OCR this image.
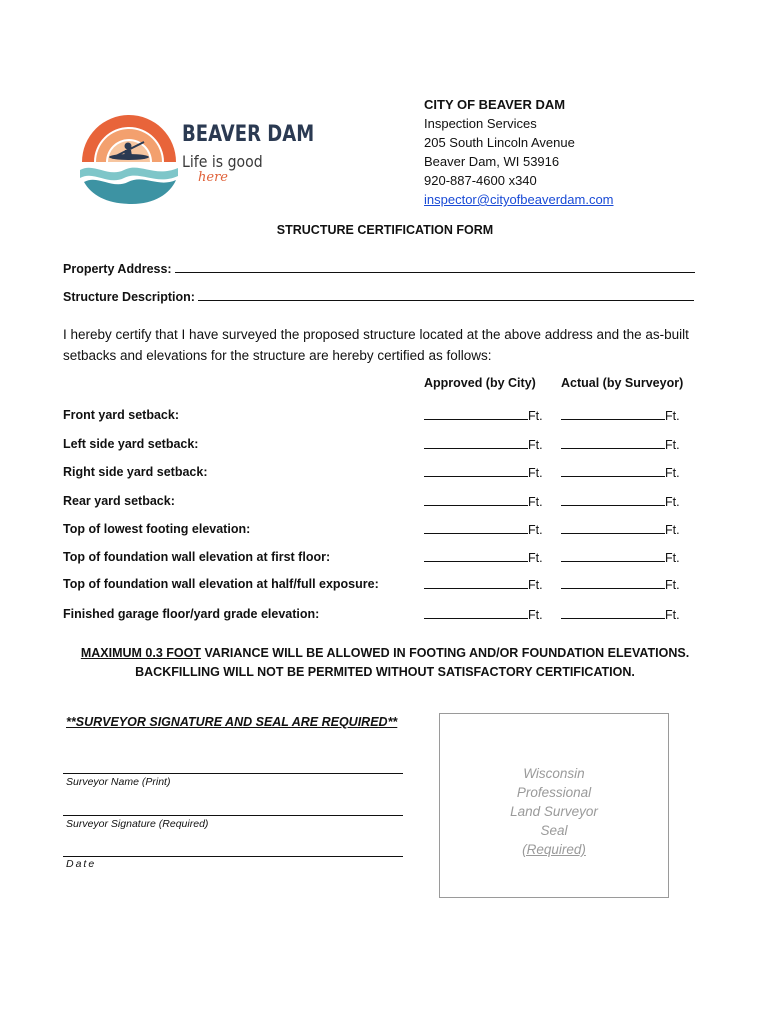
BEAVER DAM
Life is good
here
CITY OF BEAVER DAM
Inspection Services
205 South Lincoln Avenue
Beaver Dam, WI 53916
920-887-4600 x340
inspector@cityofbeaverdam.com
STRUCTURE CERTIFICATION FORM
Property Address:
Structure Description:
I hereby certify that I have surveyed the proposed structure located at the above address and the as-built setbacks and elevations for the structure are hereby certified as follows:
Approved (by City) Actual (by Surveyor)
Front yard setback:	Ft.	Ft.
Left side yard setback:	Ft.	Ft.
Right side yard setback:	Ft.	Ft.
Rear yard setback:	Ft.	Ft.
Top of lowest footing elevation:	Ft.	Ft.
Top of foundation wall elevation at first floor:	Ft.	Ft.
Top of foundation wall elevation at half/full exposure:	Ft.	Ft.
Finished garage floor/yard grade elevation:	Ft.	Ft.
MAXIMUM 0.3 FOOT VARIANCE WILL BE ALLOWED IN FOOTING AND/OR FOUNDATION ELEVATIONS.
BACKFILLING WILL NOT BE PERMITED WITHOUT SATISFACTORY CERTIFICATION.
**SURVEYOR SIGNATURE AND SEAL ARE REQUIRED**
Surveyor Name (Print)
Surveyor Signature (Required)
Date
Wisconsin
Professional
Land Surveyor
Seal
(Required)
